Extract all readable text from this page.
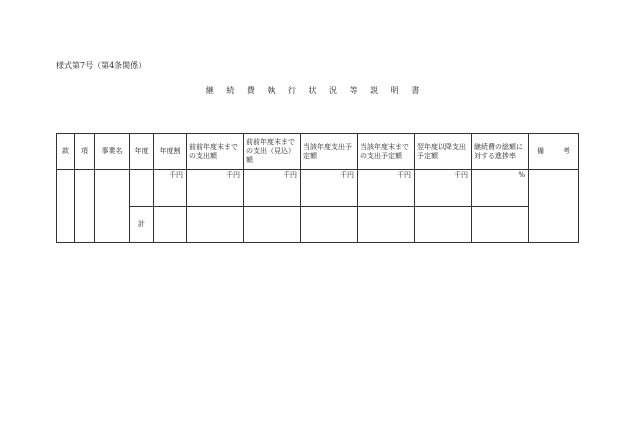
様式第7号（第4条関係）
継 続 費 執 行 状 況 等 説 明 書
款	項	事業名	年度	年度割	前前年度末までの支出額	前前年度末までの支出（見込）額	当該年度支出予定額	当該年度末までの支出予定額	翌年度以降支出予定額	継続費の総額に対する進捗率	備 考

				千円	千円	千円	千円	千円	千円	%	
			計								
